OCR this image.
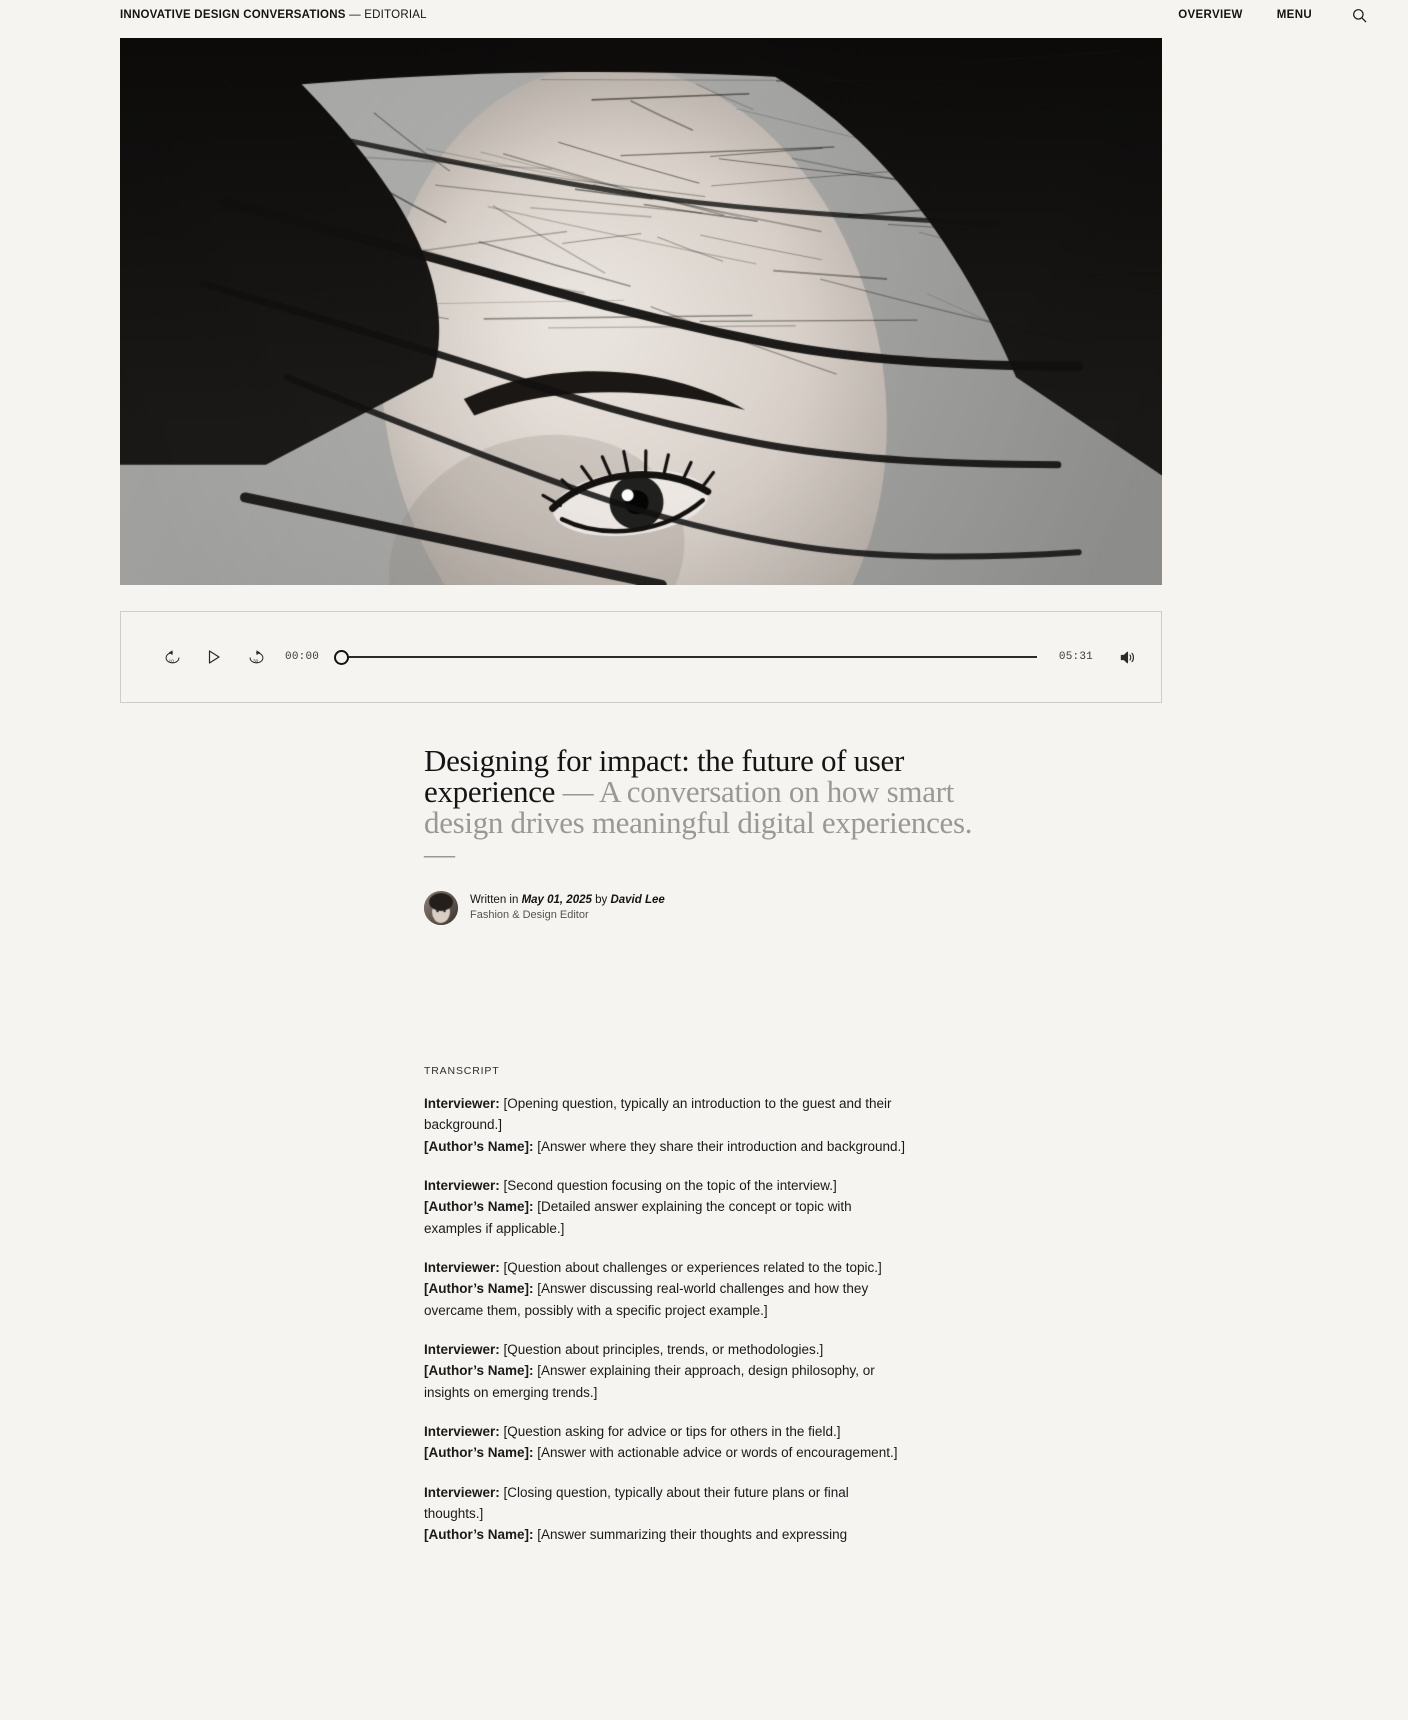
INNOVATIVE DESIGN CONVERSATIONS — EDITORIAL	OVERVIEW	MENU
10	30 00:00	05:31
Designing for impact: the future of user experience — A conversation on how smart design drives meaningful digital experiences. —
Written in May 01, 2025 by David Lee
Fashion & Design Editor
TRANSCRIPT

Interviewer: [Opening question, typically an introduction to the guest and their background.]

[Author’s Name]: [Answer where they share their introduction and background.]

Interviewer: [Second question focusing on the topic of the interview.]

[Author’s Name]: [Detailed answer explaining the concept or topic with examples if applicable.]

Interviewer: [Question about challenges or experiences related to the topic.]

[Author’s Name]: [Answer discussing real-world challenges and how they overcame them, possibly with a specific project example.]

Interviewer: [Question about principles, trends, or methodologies.]

[Author’s Name]: [Answer explaining their approach, design philosophy, or insights on emerging trends.]

Interviewer: [Question asking for advice or tips for others in the field.]

[Author’s Name]: [Answer with actionable advice or words of encouragement.]

Interviewer: [Closing question, typically about their future plans or final thoughts.]

[Author’s Name]: [Answer summarizing their thoughts and expressing
